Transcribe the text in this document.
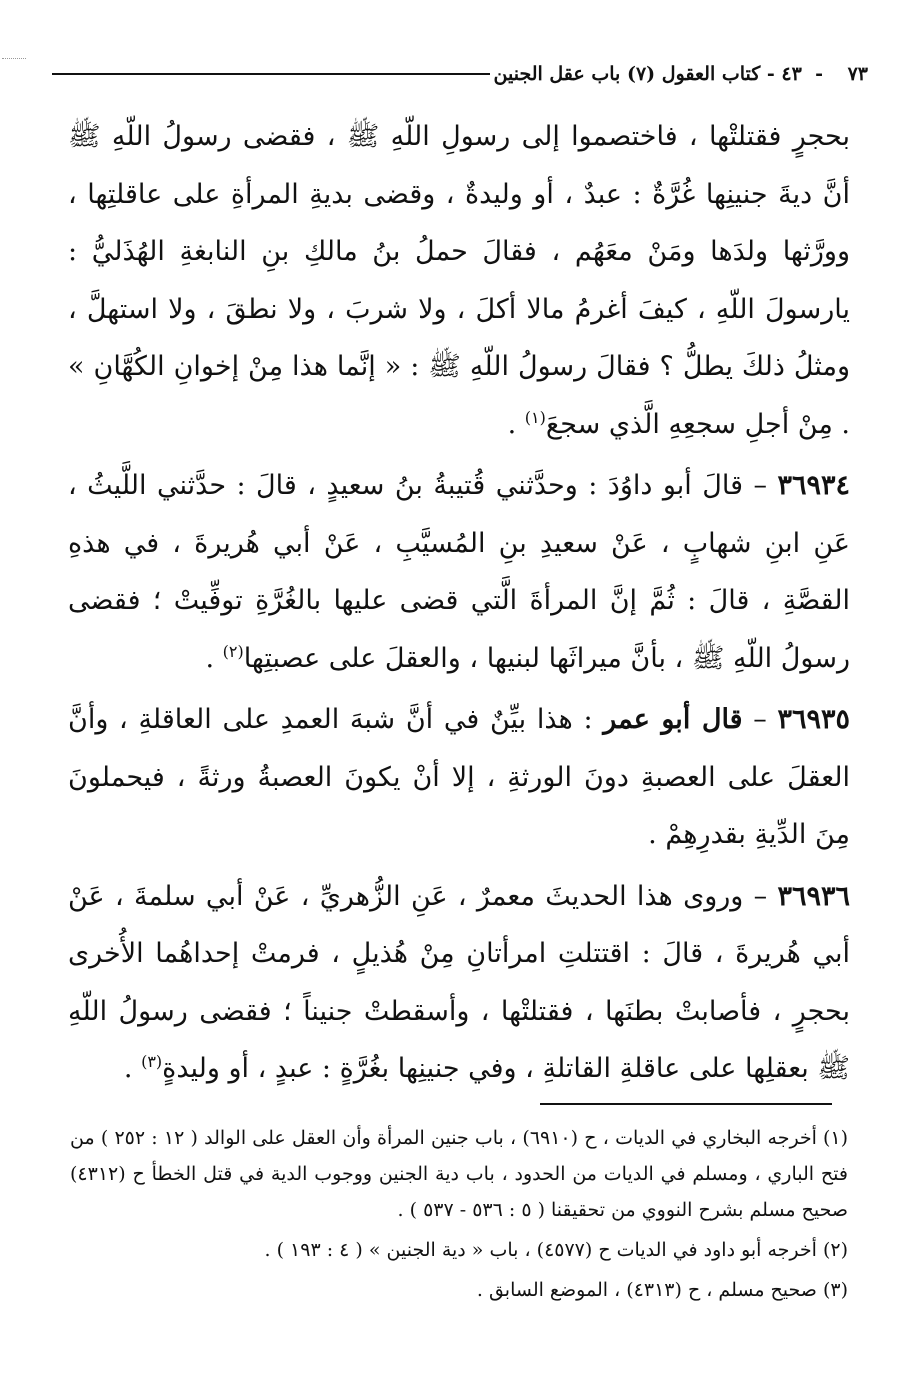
٧٣
-
٤٣ - كتاب العقول (٧) باب عقل الجنين

بحجرٍ فقتلتْها ، فاختصموا إلى رسولِ اللّهِ ﷺ ، فقضى رسولُ اللّهِ ﷺ أنَّ ديةَ جنينِها غُرَّةٌ : عبدٌ ، أو وليدةٌ ، وقضى بديةِ المرأةِ على عاقلتِها ، وورَّثها ولدَها ومَنْ معَهُم ، فقالَ حملُ بنُ مالكِ بنِ النابغةِ الهُذَليُّ : يارسولَ اللّهِ ، كيفَ أغرمُ مالا أكلَ ، ولا شربَ ، ولا نطقَ ، ولا استهلَّ ، ومثلُ ذلكَ يطلُّ ؟ فقالَ رسولُ اللّهِ ﷺ : « إنَّما هذا مِنْ إخوانِ الكُهَّانِ » . مِنْ أجلِ سجعِهِ الَّذي سجعَ$^{(١)}$ .

٣٦٩٣٤ – قالَ أبو داوُدَ : وحدَّثني قُتيبةُ بنُ سعيدٍ ، قالَ : حدَّثني اللَّيثُ ، عَنِ ابنِ شهابٍ ، عَنْ سعيدِ بنِ المُسيَّبِ ، عَنْ أبي هُريرةَ ، في هذهِ القصَّةِ ، قالَ : ثُمَّ إنَّ المرأةَ الَّتي قضى عليها بالغُرَّةِ توفِّيتْ ؛ فقضى رسولُ اللّهِ ﷺ ، بأنَّ ميراثَها لبنيها ، والعقلَ على عصبتِها$^{(٢)}$ .

٣٦٩٣٥ – قال أبو عمر : هذا بيِّنٌ في أنَّ شبهَ العمدِ على العاقلةِ ، وأنَّ العقلَ على العصبةِ دونَ الورثةِ ، إلا أنْ يكونَ العصبةُ ورثةً ، فيحملونَ مِنَ الدِّيةِ بقدرِهِمْ .

٣٦٩٣٦ – وروى هذا الحديثَ معمرٌ ، عَنِ الزُّهريِّ ، عَنْ أبي سلمةَ ، عَنْ أبي هُريرةَ ، قالَ : اقتتلتِ امرأتانِ مِنْ هُذيلٍ ، فرمتْ إحداهُما الأُخرى بحجرٍ ، فأصابتْ بطنَها ، فقتلتْها ، وأسقطتْ جنيناً ؛ فقضى رسولُ اللّهِ ﷺ بعقلِها على عاقلةِ القاتلةِ ، وفي جنينِها بغُرَّةٍ : عبدٍ ، أو وليدةٍ$^{(٣)}$ .

(١)أخرجه البخاري في الديات ، ح (٦٩١٠) ، باب جنين المرأة وأن العقل على الوالد ( ١٢ : ٢٥٢ ) من فتح الباري ، ومسلم في الديات من الحدود ، باب دية الجنين ووجوب الدية في قتل الخطأ ح (٤٣١٢) صحيح مسلم بشرح النووي من تحقيقنا ( ٥ : ٥٣٦ - ٥٣٧ ) .

(٢)أخرجه أبو داود في الديات ح (٤٥٧٧) ، باب « دية الجنين » ( ٤ : ١٩٣ ) .

(٣)صحيح مسلم ، ح (٤٣١٣) ، الموضع السابق .
